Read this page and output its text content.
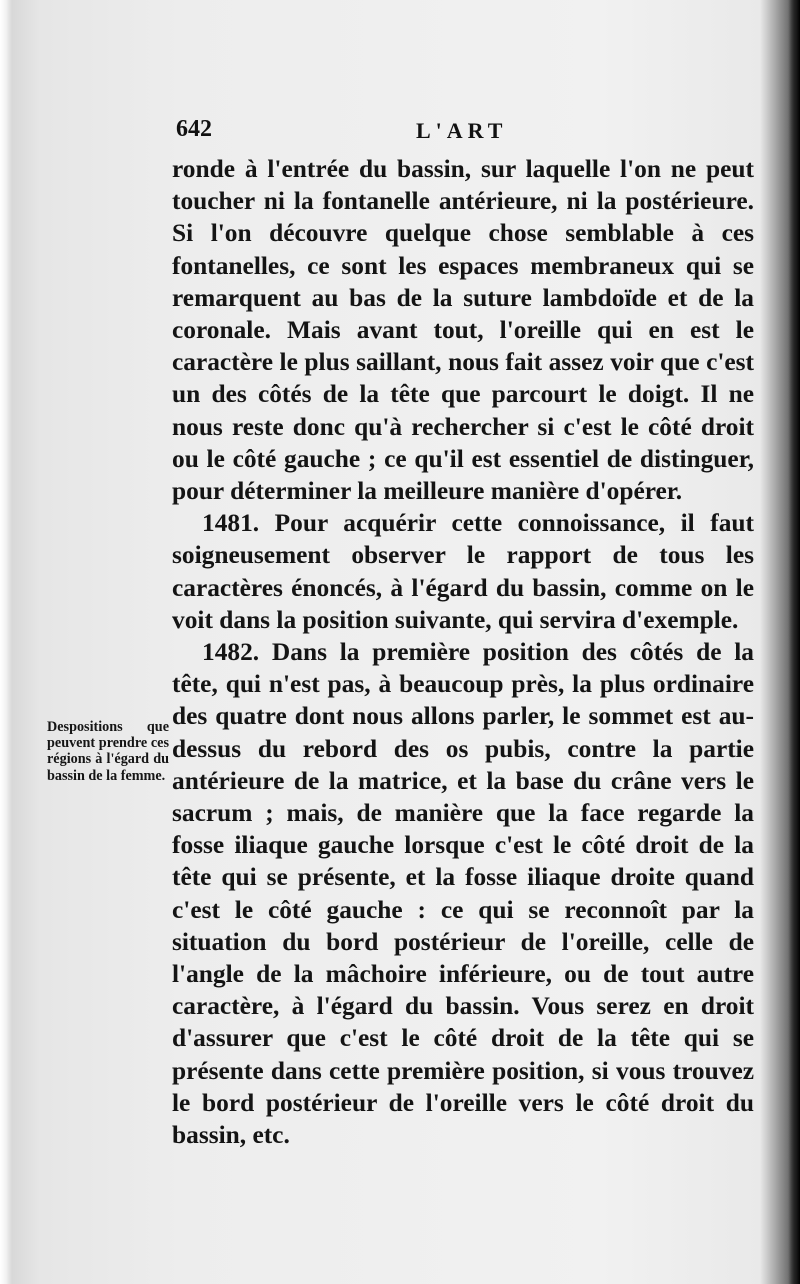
642	L'ART
Despositions que peuvent prendre ces régions à l'égard du bassin de la femme.

ronde à l'entrée du bassin, sur laquelle l'on ne peut toucher ni la fontanelle antérieure, ni la postérieure. Si l'on découvre quelque chose semblable à ces fontanelles, ce sont les espaces membraneux qui se remarquent au bas de la suture lambdoïde et de la coronale. Mais avant tout, l'oreille qui en est le caractère le plus saillant, nous fait assez voir que c'est un des côtés de la tête que parcourt le doigt. Il ne nous reste donc qu'à rechercher si c'est le côté droit ou le côté gauche ; ce qu'il est essentiel de distinguer, pour déterminer la meilleure manière d'opérer.

1481. Pour acquérir cette connoissance, il faut soigneusement observer le rapport de tous les caractères énoncés, à l'égard du bassin, comme on le voit dans la position suivante, qui servira d'exemple.

1482. Dans la première position des côtés de la tête, qui n'est pas, à beaucoup près, la plus ordinaire des quatre dont nous allons parler, le sommet est au-dessus du rebord des os pubis, contre la partie antérieure de la matrice, et la base du crâne vers le sacrum ; mais, de manière que la face regarde la fosse iliaque gauche lorsque c'est le côté droit de la tête qui se présente, et la fosse iliaque droite quand c'est le côté gauche : ce qui se reconnoît par la situation du bord postérieur de l'oreille, celle de l'angle de la mâchoire inférieure, ou de tout autre caractère, à l'égard du bassin. Vous serez en droit d'assurer que c'est le côté droit de la tête qui se présente dans cette première position, si vous trouvez le bord postérieur de l'oreille vers le côté droit du bassin, etc.
